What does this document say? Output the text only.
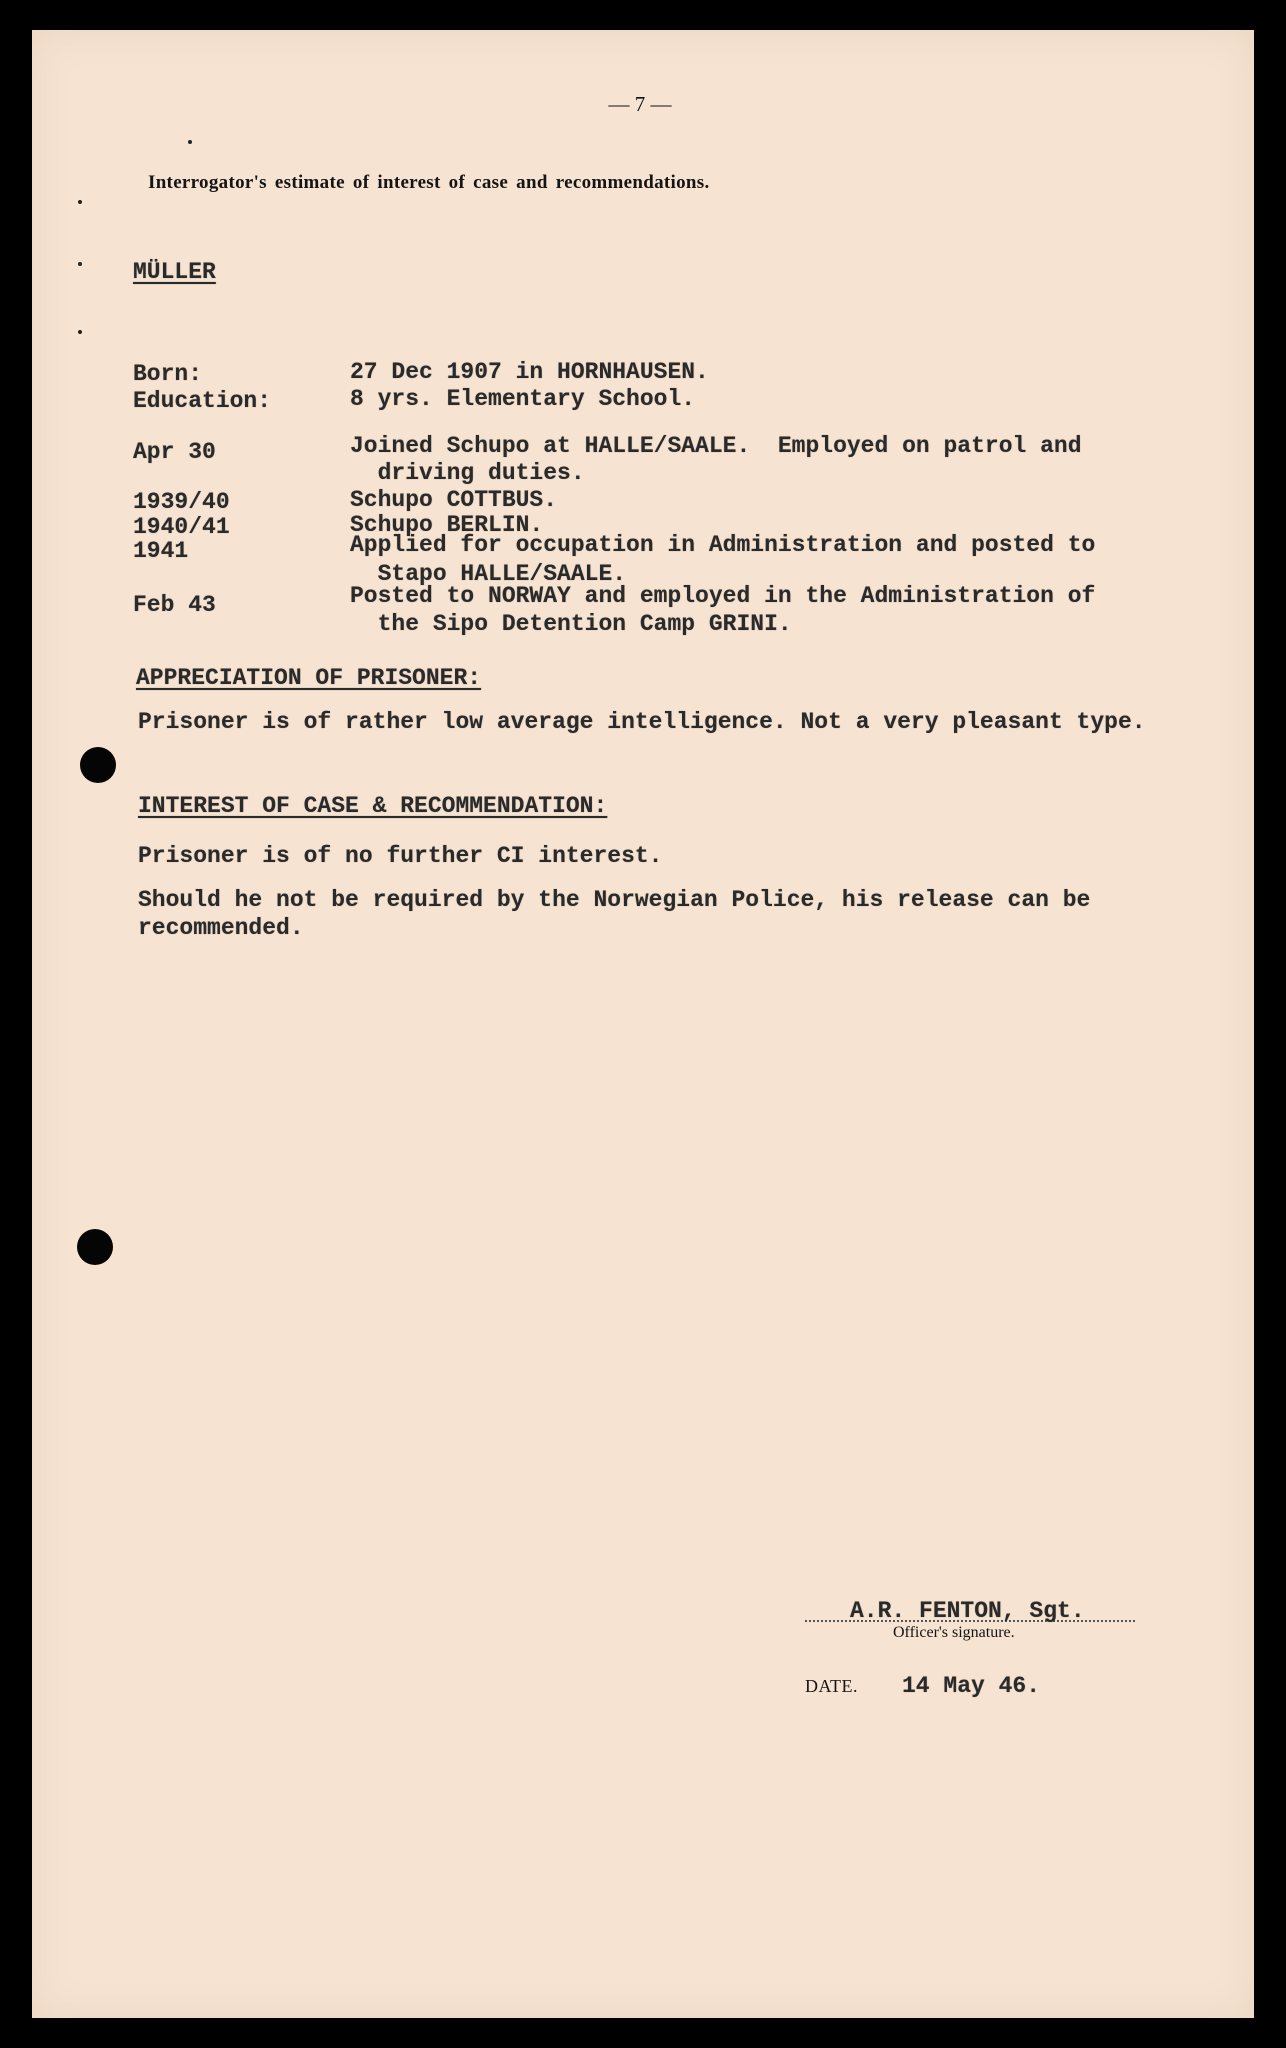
— 7 —
Interrogator's estimate of interest of case and recommendations.
MÜLLER
Born:	27 Dec 1907 in HORNHAUSEN.
Education:	8 yrs. Elementary School.
Apr 30	Joined Schupo at HALLE/SAALE.  Employed on patrol and
driving duties.
1939/40	Schupo COTTBUS.
1940/41	Schupo BERLIN.
1941	Applied for occupation in Administration and posted to
Stapo HALLE/SAALE.
Feb 43	Posted to NORWAY and employed in the Administration of
the Sipo Detention Camp GRINI.
APPRECIATION OF PRISONER:
Prisoner is of rather low average intelligence. Not a very pleasant type.
INTEREST OF CASE & RECOMMENDATION:
Prisoner is of no further CI interest.
Should he not be required by the Norwegian Police, his release can be recommended.
A.R. FENTON, Sgt.
Officer's signature.
DATE. 14 May 46.
